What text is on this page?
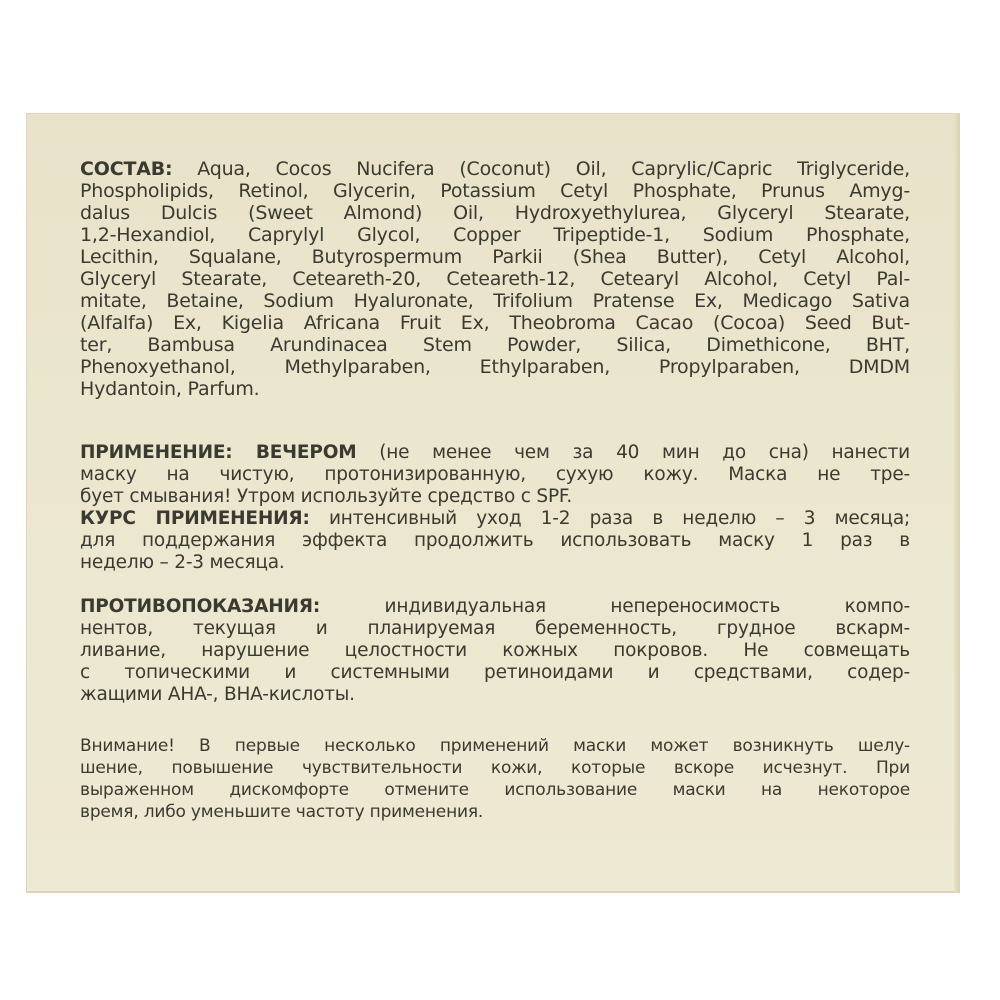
СОСТАВ: Aqua, Cocos Nucifera (Coconut) Oil, Caprylic/Capric Triglyceride,
Phospholipids, Retinol, Glycerin, Potassium Cetyl Phosphate, Prunus Amyg-
dalus Dulcis (Sweet Almond) Oil, Hydroxyethylurea, Glyceryl Stearate,
1,2-Hexandiol, Caprylyl Glycol, Copper Tripeptide-1, Sodium Phosphate,
Lecithin, Squalane, Butyrospermum Parkii (Shea Butter), Cetyl Alcohol,
Glyceryl Stearate, Ceteareth-20, Ceteareth-12, Cetearyl Alcohol, Cetyl Pal-
mitate, Betaine, Sodium Hyaluronate, Trifolium Pratense Ex, Medicago Sativa
(Alfalfa) Ex, Kigelia Africana Fruit Ex, Theobroma Cacao (Cocoa) Seed But-
ter, Bambusa Arundinacea Stem Powder, Silica, Dimethicone, BHT,
Phenoxyethanol, Methylparaben, Ethylparaben, Propylparaben, DMDM
Hydantoin, Parfum.
ПРИМЕНЕНИЕ: ВЕЧЕРОМ (не менее чем за 40 мин до сна) нанести
маску на чистую, протонизированную, сухую кожу. Маска не тре-
бует смывания! Утром используйте средство с SPF.
КУРС ПРИМЕНЕНИЯ: интенсивный уход 1-2 раза в неделю – 3 месяца;
для поддержания эффекта продолжить использовать маску 1 раз в
неделю – 2-3 месяца.
ПРОТИВОПОКАЗАНИЯ: индивидуальная непереносимость компо-
нентов, текущая и планируемая беременность, грудное вскарм-
ливание, нарушение целостности кожных покровов. Не совмещать
с топическими и системными ретиноидами и средствами, содер-
жащими AHA-, BHA-кислоты.
Внимание! В первые несколько применений маски может возникнуть шелу-
шение, повышение чувствительности кожи, которые вскоре исчезнут. При
выраженном дискомфорте отмените использование маски на некоторое
время, либо уменьшите частоту применения.
